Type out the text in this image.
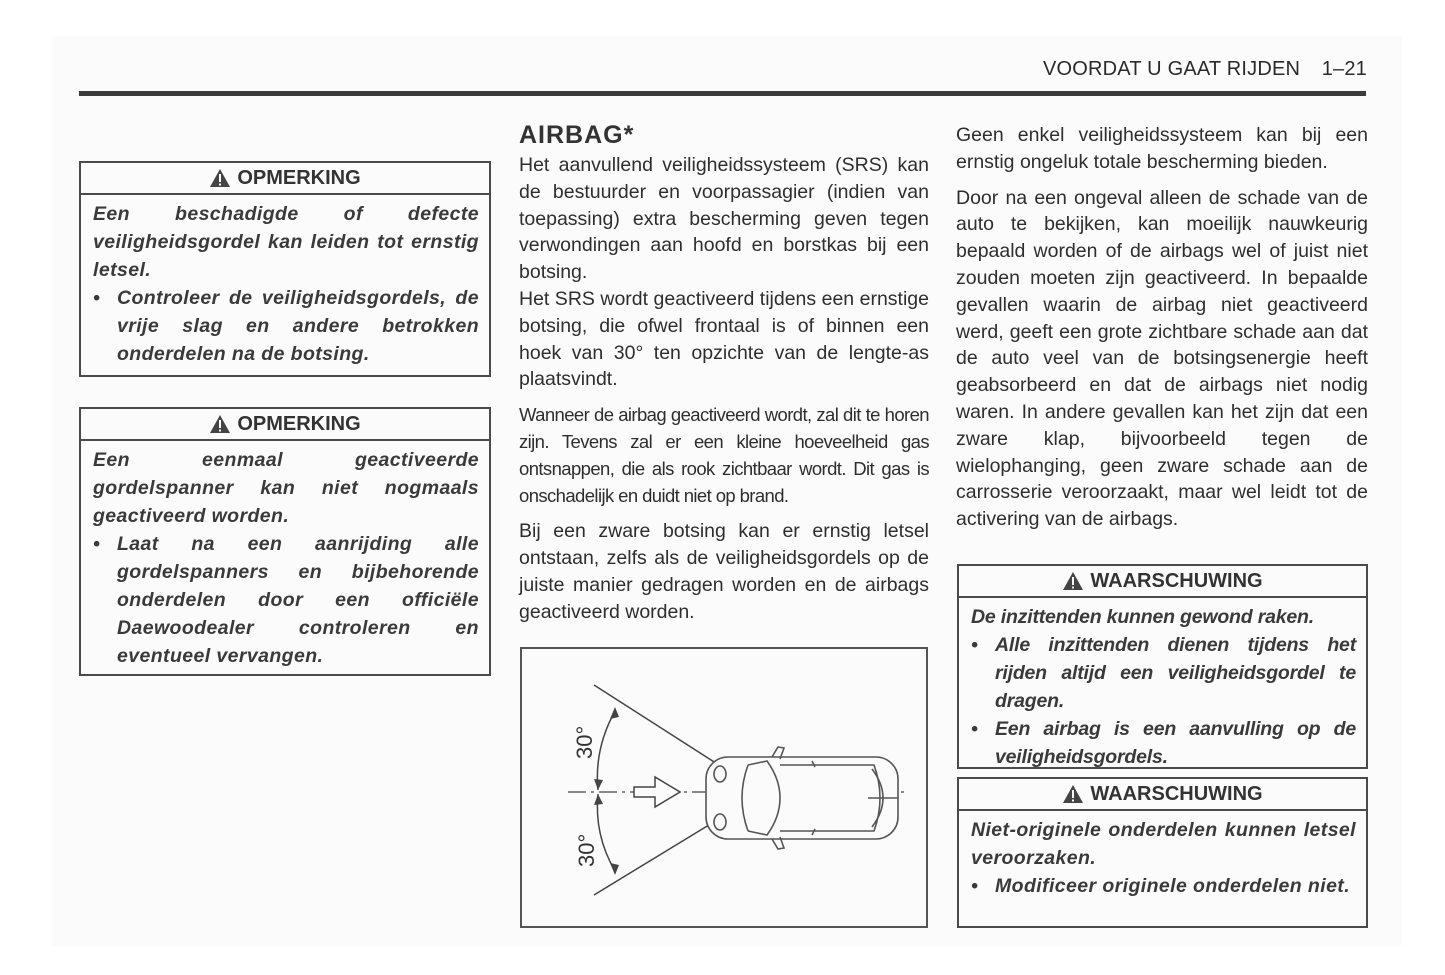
VOORDAT U GAAT RIJDEN 1–21
OPMERKING

Een beschadigde of defecte veiligheidsgordel kan leiden tot ernstig letsel.

• Controleer de veiligheidsgordels, de vrije slag en andere betrokken onderdelen na de botsing.
OPMERKING

Een eenmaal geactiveerde gordelspanner kan niet nogmaals geactiveerd worden.

• Laat na een aanrijding alle gordelspanners en bijbehorende onderdelen door een officiële Daewoodealer controleren en eventueel vervangen.
AIRBAG*

Het aanvullend veiligheidssysteem (SRS) kan de bestuurder en voorpassagier (indien van toepassing) extra bescherming geven tegen verwondingen aan hoofd en borstkas bij een botsing.

Het SRS wordt geactiveerd tijdens een ernstige botsing, die ofwel frontaal is of binnen een hoek van 30° ten opzichte van de lengte-as plaatsvindt.

Wanneer de airbag geactiveerd wordt, zal dit te horen zijn. Tevens zal er een kleine hoeveelheid gas ontsnappen, die als rook zichtbaar wordt. Dit gas is onschadelijk en duidt niet op brand.

Bij een zware botsing kan er ernstig letsel ontstaan, zelfs als de veiligheidsgordels op de juiste manier gedragen worden en de airbags geactiveerd worden.

30°
30°

Geen enkel veiligheidssysteem kan bij een ernstig ongeluk totale bescherming bieden.

Door na een ongeval alleen de schade van de auto te bekijken, kan moeilijk nauwkeurig bepaald worden of de airbags wel of juist niet zouden moeten zijn geactiveerd. In bepaalde gevallen waarin de airbag niet geactiveerd werd, geeft een grote zichtbare schade aan dat de auto veel van de botsingsenergie heeft geabsorbeerd en dat de airbags niet nodig waren. In andere gevallen kan het zijn dat een zware klap, bijvoorbeeld tegen de wielophanging, geen zware schade aan de carrosserie veroorzaakt, maar wel leidt tot de activering van de airbags.

WAARSCHUWING

De inzittenden kunnen gewond raken.

• Alle inzittenden dienen tijdens het rijden altijd een veiligheidsgordel te dragen.
• Een airbag is een aanvulling op de veiligheidsgordels.
WAARSCHUWING

Niet-originele onderdelen kunnen letsel veroorzaken.

• Modificeer originele onderdelen niet.
